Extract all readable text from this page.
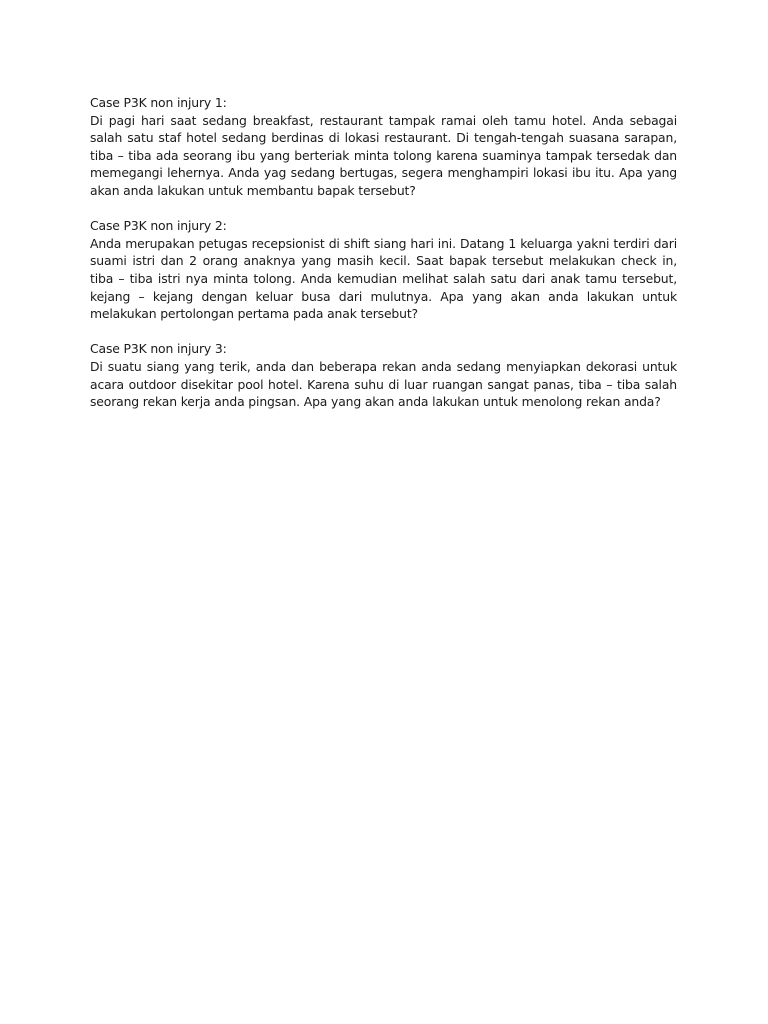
Case P3K non injury 1:
Di pagi hari saat sedang breakfast, restaurant tampak ramai oleh tamu hotel. Anda sebagai salah satu staf hotel sedang berdinas di lokasi restaurant. Di tengah-tengah suasana sarapan, tiba – tiba ada seorang ibu yang berteriak minta tolong karena suaminya tampak tersedak dan memegangi lehernya. Anda yag sedang bertugas, segera menghampiri lokasi ibu itu. Apa yang akan anda lakukan untuk membantu bapak tersebut?
Case P3K non injury 2:
Anda merupakan petugas recepsionist di shift siang hari ini. Datang 1 keluarga yakni terdiri dari suami istri dan 2 orang anaknya yang masih kecil. Saat bapak tersebut melakukan check in, tiba – tiba istri nya minta tolong. Anda kemudian melihat salah satu dari anak tamu tersebut, kejang – kejang dengan keluar busa dari mulutnya. Apa yang akan anda lakukan untuk melakukan pertolongan pertama pada anak tersebut?
Case P3K non injury 3:
Di suatu siang yang terik, anda dan beberapa rekan anda sedang menyiapkan dekorasi untuk acara outdoor disekitar pool hotel. Karena suhu di luar ruangan sangat panas, tiba – tiba salah seorang rekan kerja anda pingsan. Apa yang akan anda lakukan untuk menolong rekan anda?
